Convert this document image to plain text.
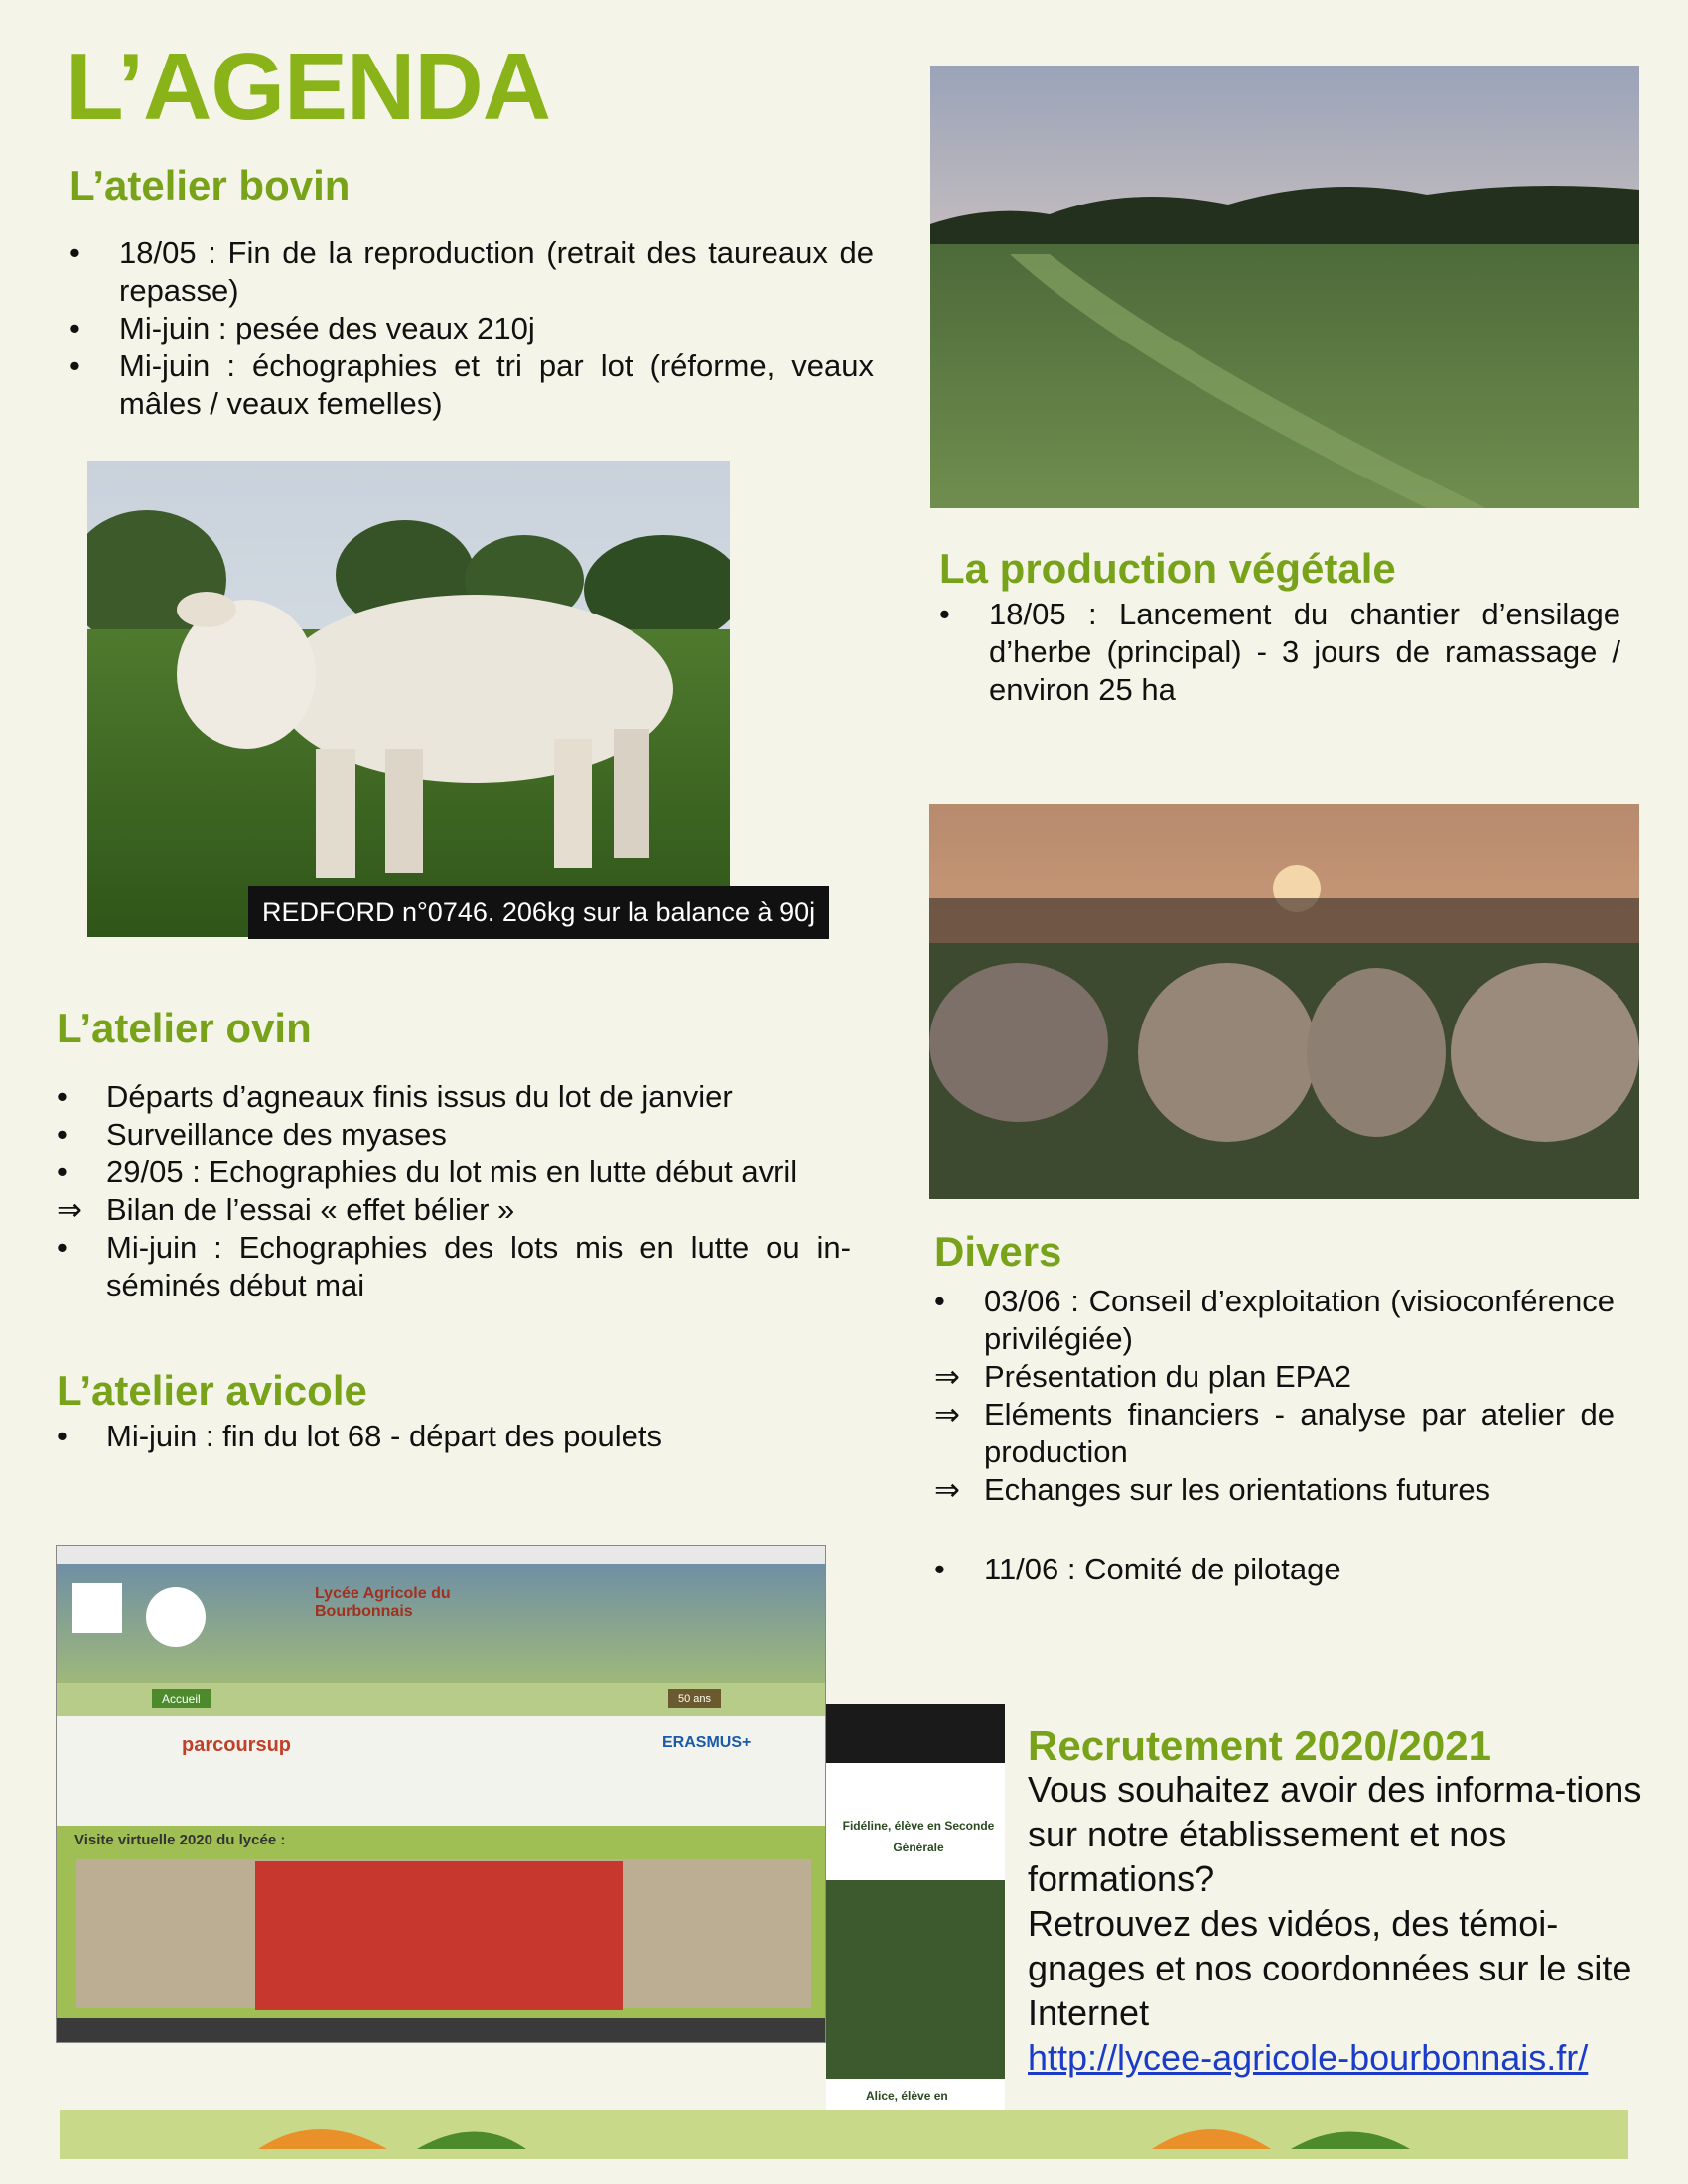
L’AGENDA
L’atelier bovin
•	18/05 : Fin de la reproduction (retrait des taureaux de repasse)
•	Mi-juin : pesée des veaux 210j
•	Mi-juin : échographies et tri par lot (réforme, veaux mâles / veaux femelles)
REDFORD n°0746. 206kg sur la balance à 90j
La production végétale
•	18/05 : Lancement du chantier d’ensilage d’herbe (principal) - 3 jours de ramassage / environ 25 ha
L’atelier ovin
•	Départs d’agneaux finis issus du lot de janvier
•	Surveillance des myases
•	29/05 : Echographies du lot mis en lutte début avril
⇒ Bilan de l’essai « effet bélier »
•	Mi-juin : Echographies des lots mis en lutte ou in-séminés début mai
L’atelier avicole
•	Mi-juin : fin du lot 68 - départ des poulets
Divers
•	03/06 : Conseil d’exploitation (visioconférence privilégiée)
⇒ Présentation du plan EPA2
⇒ Eléments financiers - analyse par atelier de production
⇒ Echanges sur les orientations futures
•	11/06 : Comité de pilotage
Lycée Agricole du Bourbonnais
Accueil	50 ans
parcoursup	ERASMUS+
Visite virtuelle 2020 du lycée :
Fidéline, élève en Seconde Générale
Alice, élève en
Recrutement 2020/2021
Vous souhaitez avoir des informa-tions sur notre établissement et nos formations?
Retrouvez des vidéos, des témoi-gnages et nos coordonnées sur le site Internet
http://lycee-agricole-bourbonnais.fr/
